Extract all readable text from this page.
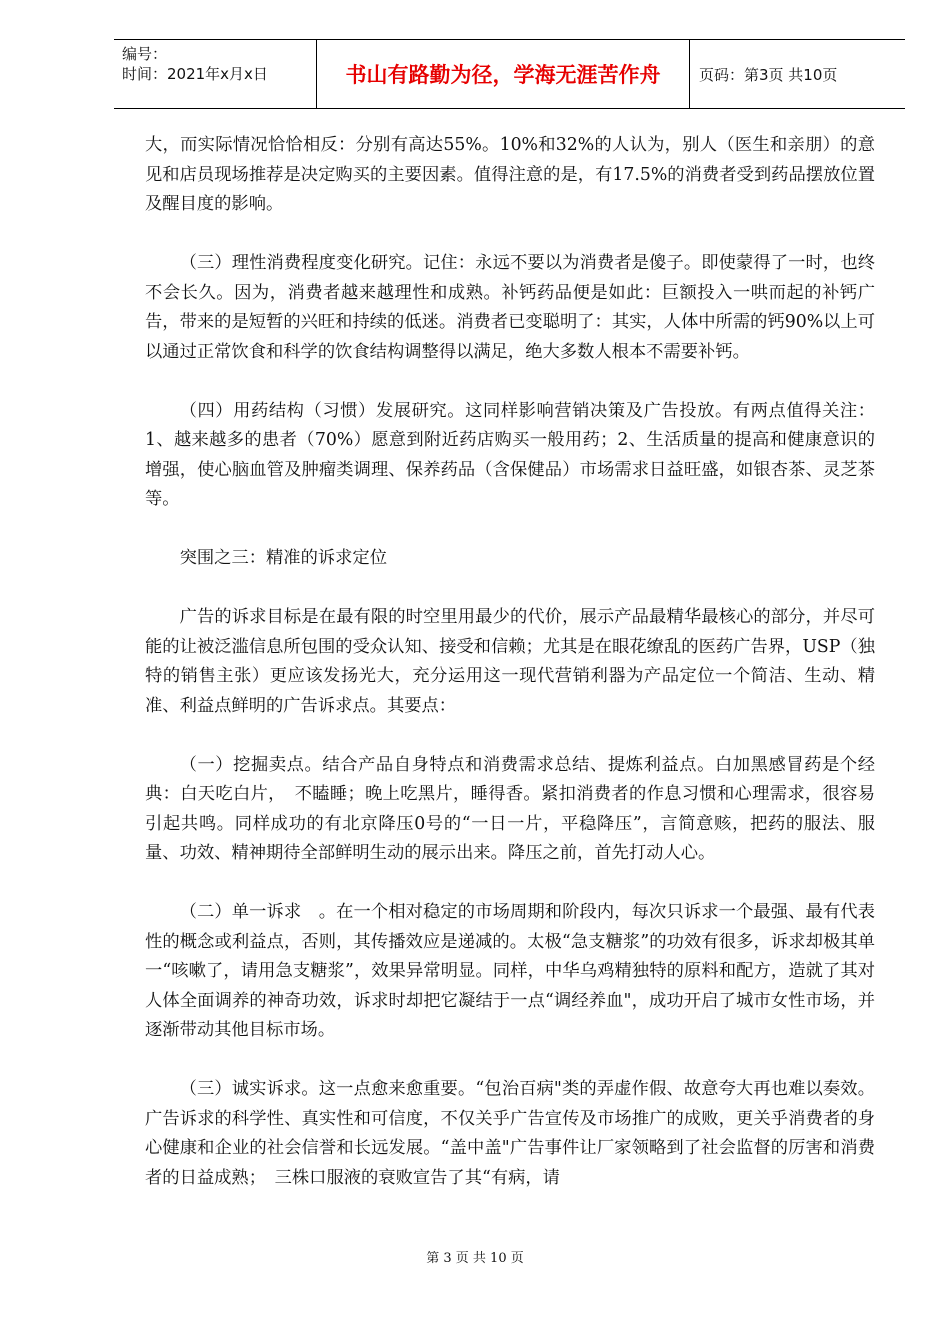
编号：
时间：2021年x月x日	书山有路勤为径，学海无涯苦作舟	页码：第3页 共10页

大，而实际情况恰恰相反：分别有高达55%。10%和32%的人认为，别人（医生和亲朋）的意见和店员现场推荐是决定购买的主要因素。值得注意的是，有17.5%的消费者受到药品摆放位置及醒目度的影响。

（三）理性消费程度变化研究。记住：永远不要以为消费者是傻子。即使蒙得了一时，也终不会长久。因为，消费者越来越理性和成熟。补钙药品便是如此：巨额投入一哄而起的补钙广告，带来的是短暂的兴旺和持续的低迷。消费者已变聪明了：其实，人体中所需的钙90%以上可以通过正常饮食和科学的饮食结构调整得以满足，绝大多数人根本不需要补钙。

（四）用药结构（习惯）发展研究。这同样影响营销决策及广告投放。有两点值得关注：1、越来越多的患者（70%）愿意到附近药店购买一般用药；2、生活质量的提高和健康意识的增强，使心脑血管及肿瘤类调理、保养药品（含保健品）市场需求日益旺盛，如银杏茶、灵芝茶等。

突围之三：精准的诉求定位

广告的诉求目标是在最有限的时空里用最少的代价，展示产品最精华最核心的部分，并尽可能的让被泛滥信息所包围的受众认知、接受和信赖；尤其是在眼花缭乱的医药广告界，USP（独特的销售主张）更应该发扬光大，充分运用这一现代营销利器为产品定位一个简洁、生动、精准、利益点鲜明的广告诉求点。其要点：

（一）挖掘卖点。结合产品自身特点和消费需求总结、提炼利益点。白加黑感冒药是个经典：白天吃白片，　不瞌睡；晚上吃黑片，睡得香。紧扣消费者的作息习惯和心理需求，很容易引起共鸣。同样成功的有北京降压0号的“一日一片，平稳降压”，言简意赅，把药的服法、服量、功效、精神期待全部鲜明生动的展示出来。降压之前，首先打动人心。

（二）单一诉求　。在一个相对稳定的市场周期和阶段内，每次只诉求一个最强、最有代表性的概念或利益点，否则，其传播效应是递减的。太极“急支糖浆”的功效有很多，诉求却极其单一“咳嗽了，请用急支糖浆”，效果异常明显。同样，中华乌鸡精独特的原料和配方，造就了其对人体全面调养的神奇功效，诉求时却把它凝结于一点“调经养血"，成功开启了城市女性市场，并逐渐带动其他目标市场。

（三）诚实诉求。这一点愈来愈重要。“包治百病"类的弄虚作假、故意夸大再也难以奏效。广告诉求的科学性、真实性和可信度，不仅关乎广告宣传及市场推广的成败，更关乎消费者的身心健康和企业的社会信誉和长远发展。“盖中盖"广告事件让厂家领略到了社会监督的厉害和消费者的日益成熟；　三株口服液的衰败宣告了其“有病，请

第 3 页 共 10 页
